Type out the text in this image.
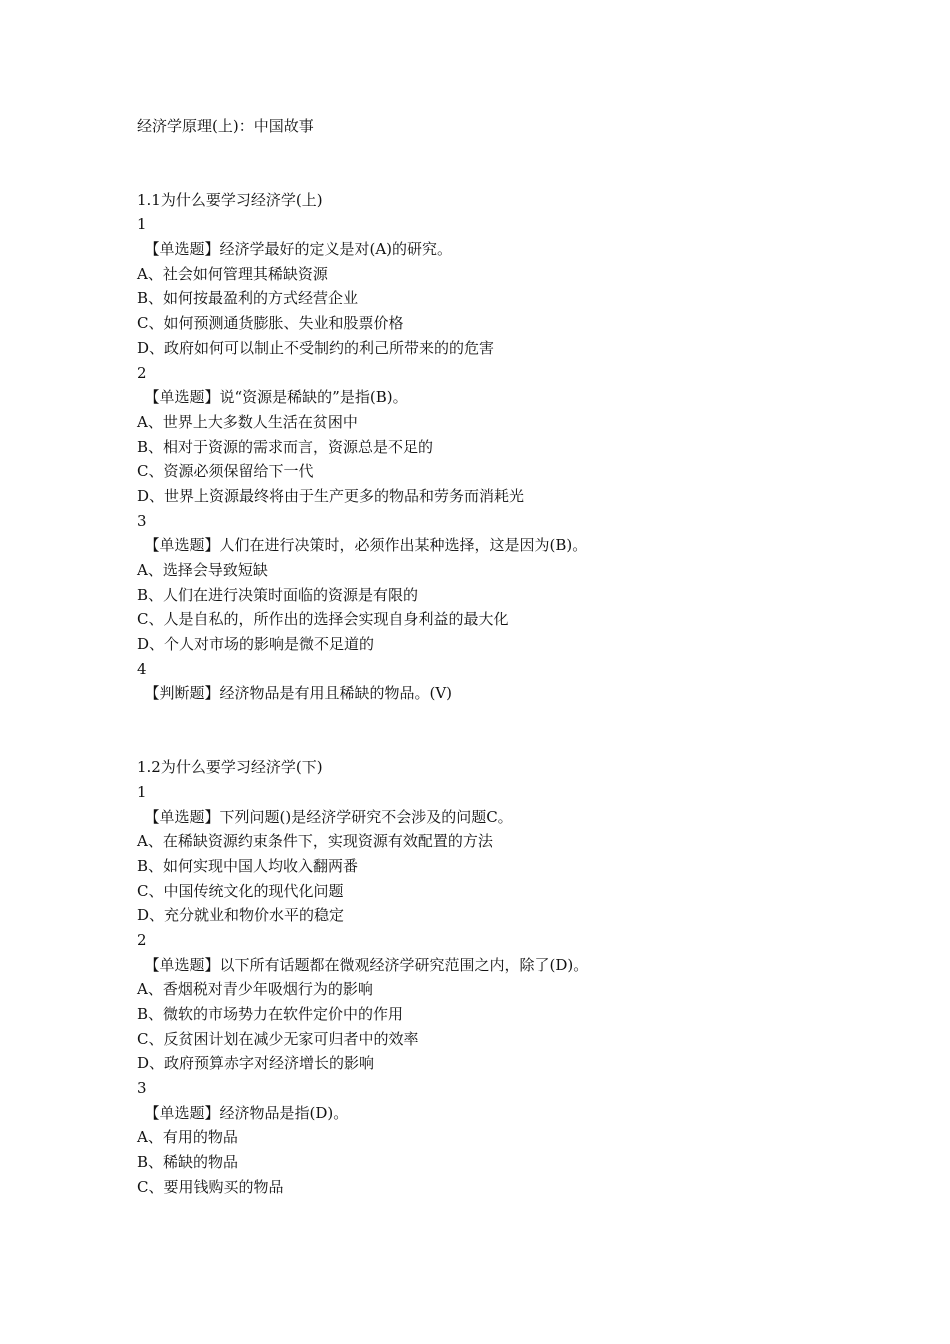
经济学原理(上)：中国故事
1.1为什么要学习经济学(上)
1
　【单选题】经济学最好的定义是对(A)的研究。
A、社会如何管理其稀缺资源
B、如何按最盈利的方式经营企业
C、如何预测通货膨胀、失业和股票价格
D、政府如何可以制止不受制约的利己所带来的的危害
2
　【单选题】说“资源是稀缺的”是指(B)。
A、世界上大多数人生活在贫困中
B、相对于资源的需求而言，资源总是不足的
C、资源必须保留给下一代
D、世界上资源最终将由于生产更多的物品和劳务而消耗光
3
　【单选题】人们在进行决策时，必须作出某种选择，这是因为(B)。
A、选择会导致短缺
B、人们在进行决策时面临的资源是有限的
C、人是自私的，所作出的选择会实现自身利益的最大化
D、个人对市场的影响是微不足道的
4
　【判断题】经济物品是有用且稀缺的物品。(V)
1.2为什么要学习经济学(下)
1
　【单选题】下列问题()是经济学研究不会涉及的问题C。
A、在稀缺资源约束条件下，实现资源有效配置的方法
B、如何实现中国人均收入翻两番
C、中国传统文化的现代化问题
D、充分就业和物价水平的稳定
2
　【单选题】以下所有话题都在微观经济学研究范围之内，除了(D)。
A、香烟税对青少年吸烟行为的影响
B、微软的市场势力在软件定价中的作用
C、反贫困计划在减少无家可归者中的效率
D、政府预算赤字对经济增长的影响
3
　【单选题】经济物品是指(D)。
A、有用的物品
B、稀缺的物品
C、要用钱购买的物品
